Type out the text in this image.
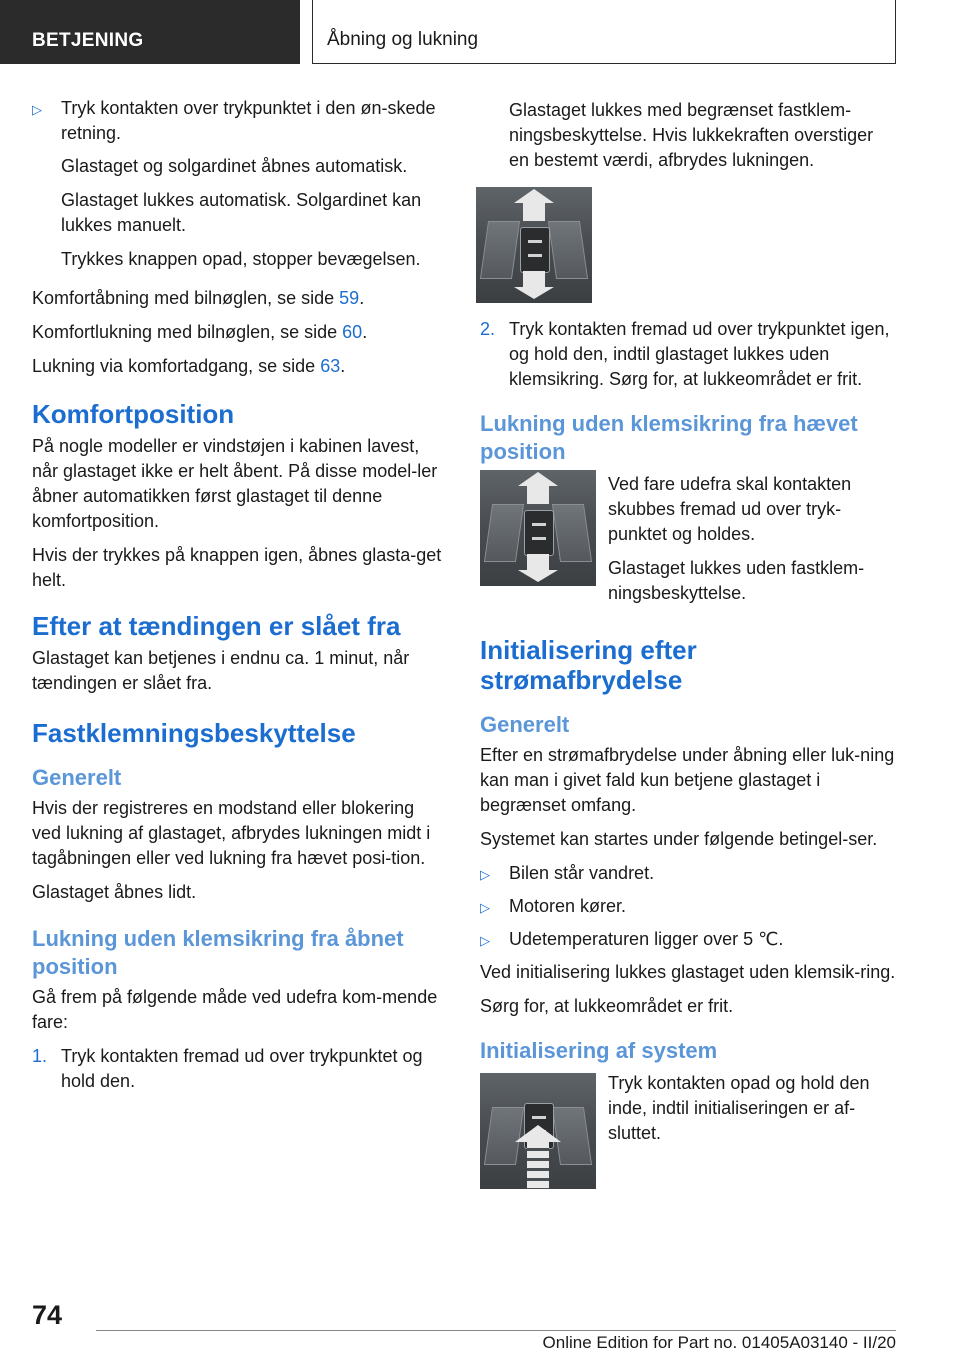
BETJENING	Åbning og lukning
▷ Tryk kontakten over trykpunktet i den øn-skede retning.

Glastaget og solgardinet åbnes automatisk.

Glastaget lukkes automatisk. Solgardinet kan lukkes manuelt.

Trykkes knappen opad, stopper bevægelsen.

Komfortåbning med bilnøglen, se side 59.

Komfortlukning med bilnøglen, se side 60.

Lukning via komfortadgang, se side 63.

Komfortposition

På nogle modeller er vindstøjen i kabinen lavest, når glastaget ikke er helt åbent. På disse model-ler åbner automatikken først glastaget til denne komfortposition.

Hvis der trykkes på knappen igen, åbnes glasta-get helt.

Efter at tændingen er slået fra

Glastaget kan betjenes i endnu ca. 1 minut, når tændingen er slået fra.

Fastklemningsbeskyttelse
Generelt

Hvis der registreres en modstand eller blokering ved lukning af glastaget, afbrydes lukningen midt i tagåbningen eller ved lukning fra hævet posi-tion.

Glastaget åbnes lidt.

Lukning uden klemsikring fra åbnet position

Gå frem på følgende måde ved udefra kom-mende fare:

1. Tryk kontakten fremad ud over trykpunktet og hold den.

Glastaget lukkes med begrænset fastklem-ningsbeskyttelse. Hvis lukkekraften overstiger en bestemt værdi, afbrydes lukningen.

2. Tryk kontakten fremad ud over trykpunktet igen, og hold den, indtil glastaget lukkes uden klemsikring. Sørg for, at lukkeområdet er frit.
Lukning uden klemsikring fra hævet position

Ved fare udefra skal kontakten skubbes fremad ud over tryk-punktet og holdes.

Glastaget lukkes uden fastklem-ningsbeskyttelse.

Initialisering efter strømafbrydelse
Generelt

Efter en strømafbrydelse under åbning eller luk-ning kan man i givet fald kun betjene glastaget i begrænset omfang.

Systemet kan startes under følgende betingel-ser.

▷ Bilen står vandret.
▷ Motoren kører.
▷ Udetemperaturen ligger over 5 ℃.

Ved initialisering lukkes glastaget uden klemsik-ring.

Sørg for, at lukkeområdet er frit.

Initialisering af system

Tryk kontakten opad og hold den inde, indtil initialiseringen er af-sluttet.

74
Online Edition for Part no. 01405A03140 - II/20
